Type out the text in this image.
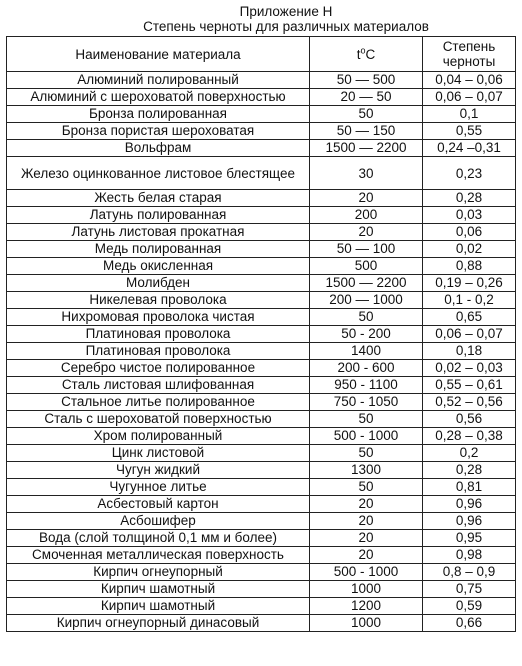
Приложение Н
Степень черноты для различных материалов
Наименование материала	$t^oC$	Степень черноты
Алюминий полированный	50 — 500	0,04 – 0,06
Алюминий с шероховатой поверхностью	20 — 50	0,06 – 0,07
Бронза полированная	50	0,1
Бронза пористая шероховатая	50 — 150	0,55
Вольфрам	1500 — 2200	0,24 –0,31
Железо оцинкованное листовое блестящее	30	0,23
Жесть белая старая	20	0,28
Латунь полированная	200	0,03
Латунь листовая прокатная	20	0,06
Медь полированная	50 — 100	0,02
Медь окисленная	500	0,88
Молибден	1500 — 2200	0,19 – 0,26
Никелевая проволока	200 — 1000	0,1 - 0,2
Нихромовая проволока чистая	50	0,65
Платиновая проволока	50 - 200	0,06 – 0,07
Платиновая проволока	1400	0,18
Серебро чистое полированное	200 - 600	0,02 – 0,03
Сталь листовая шлифованная	950 - 1100	0,55 – 0,61
Стальное литье полированное	750 - 1050	0,52 – 0,56
Сталь с шероховатой поверхностью	50	0,56
Хром полированный	500 - 1000	0,28 – 0,38
Цинк листовой	50	0,2
Чугун жидкий	1300	0,28
Чугунное литье	50	0,81
Асбестовый картон	20	0,96
Асбошифер	20	0,96
Вода (слой толщиной 0,1 мм и более)	20	0,95
Смоченная металлическая поверхность	20	0,98
Кирпич огнеупорный	500 - 1000	0,8 – 0,9
Кирпич шамотный	1000	0,75
Кирпич шамотный	1200	0,59
Кирпич огнеупорный динасовый	1000	0,66
